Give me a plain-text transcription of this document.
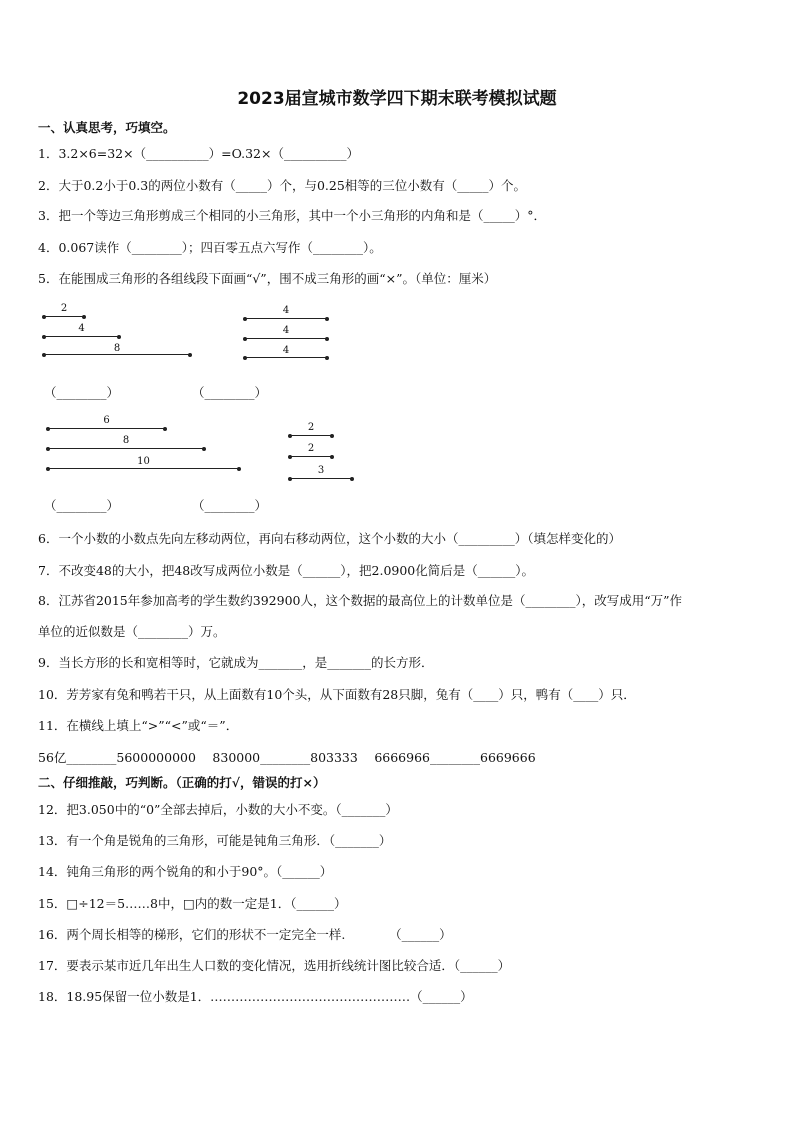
2023届宣城市数学四下期末联考模拟试题
一、认真思考，巧填空。
1．3.2×6=32×（__________）=O.32×（__________）
2．大于0.2小于0.3的两位小数有（_____）个，与0.25相等的三位小数有（_____）个。
3．把一个等边三角形剪成三个相同的小三角形，其中一个小三角形的内角和是（_____）°．
4．0.067读作（________）；四百零五点六写作（________）。
5．在能围成三角形的各组线段下面画“√”，围不成三角形的画“×”。（单位：厘米）
2
4
8
4
4
4
（________）	（________）
6
8
10
2
2
3
（________）	（________）
6．一个小数的小数点先向左移动两位，再向右移动两位，这个小数的大小（_________）（填怎样变化的）
7．不改变48的大小，把48改写成两位小数是（______），把2.0900化简后是（______）。
8．江苏省2015年参加高考的学生数约392900人，这个数据的最高位上的计数单位是（________），改写成用“万”作
单位的近似数是（________）万。
9．当长方形的长和宽相等时，它就成为_______，是_______的长方形．
10．芳芳家有兔和鸭若干只，从上面数有10个头，从下面数有28只脚，兔有（____）只，鸭有（____）只．
11．在横线上填上“>”“<”或“＝”．
56亿________5600000000　 830000________803333　 6666966________6669666
二、仔细推敲，巧判断。（正确的打√，错误的打×）
12．把3.050中的“0”全部去掉后，小数的大小不变。（_______）
13．有一个角是锐角的三角形，可能是钝角三角形．（_______）
14．钝角三角形的两个锐角的和小于90°。（______）
15．□÷12＝5……8中，□内的数一定是1．（______）
16．两个周长相等的梯形，它们的形状不一定完全一样.　　　　（______）
17．要表示某市近几年出生人口数的变化情况，选用折线统计图比较合适．（______）
18．18.95保留一位小数是1．…………………………………………（______）
